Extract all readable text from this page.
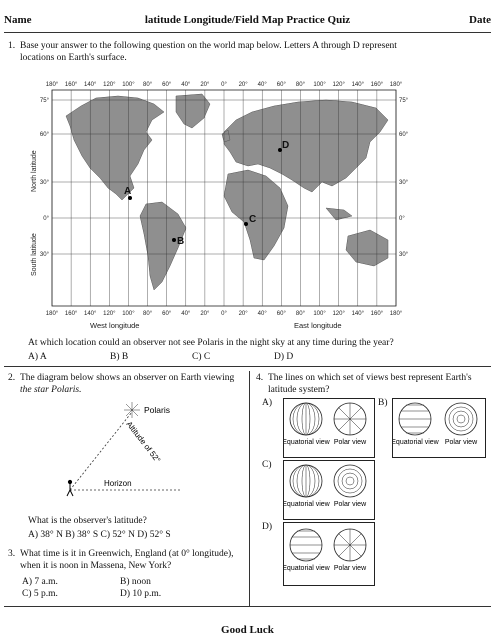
Name	latitude Longitude/Field Map Practice Quiz	Date
1. Base your answer to the following question on the world map below. Letters A through D represent
locations on Earth's surface.
180° 160° 140° 120° 100° 80° 60° 40° 20° 0° 20° 40° 60° 80° 100° 120° 140° 160° 180°
180° 160° 140° 120° 100° 80° 60° 40° 20° 0° 20° 40° 60° 80° 100° 120° 140° 160° 180°
75°
60°
30°
0°
30°
75°
60°
30°
0°
30°
North latitude
South latitude
West longitude	East longitude
A
B
C
D
At which location could an observer not see Polaris in the night sky at any time during the year?
A) A	B) B	C) C	D) D
2. The diagram below shows an observer on Earth viewing
the star Polaris.
Polaris
Horizon
Altitude of 52°
What is the observer's latitude?
A) 38° N B) 38° S C) 52° N D) 52° S
3. What time is it in Greenwich, England (at 0° longitude),
when it is noon in Massena, New York?
A) 7 a.m.	B) noon
C) 5 p.m.	D) 10 p.m.
4. The lines on which set of views best represent Earth's
latitude system?
A)	B)
C)
D)
Equatorial view Polar view	Equatorial view Polar view
Equatorial view Polar view
Equatorial view Polar view
Good Luck
